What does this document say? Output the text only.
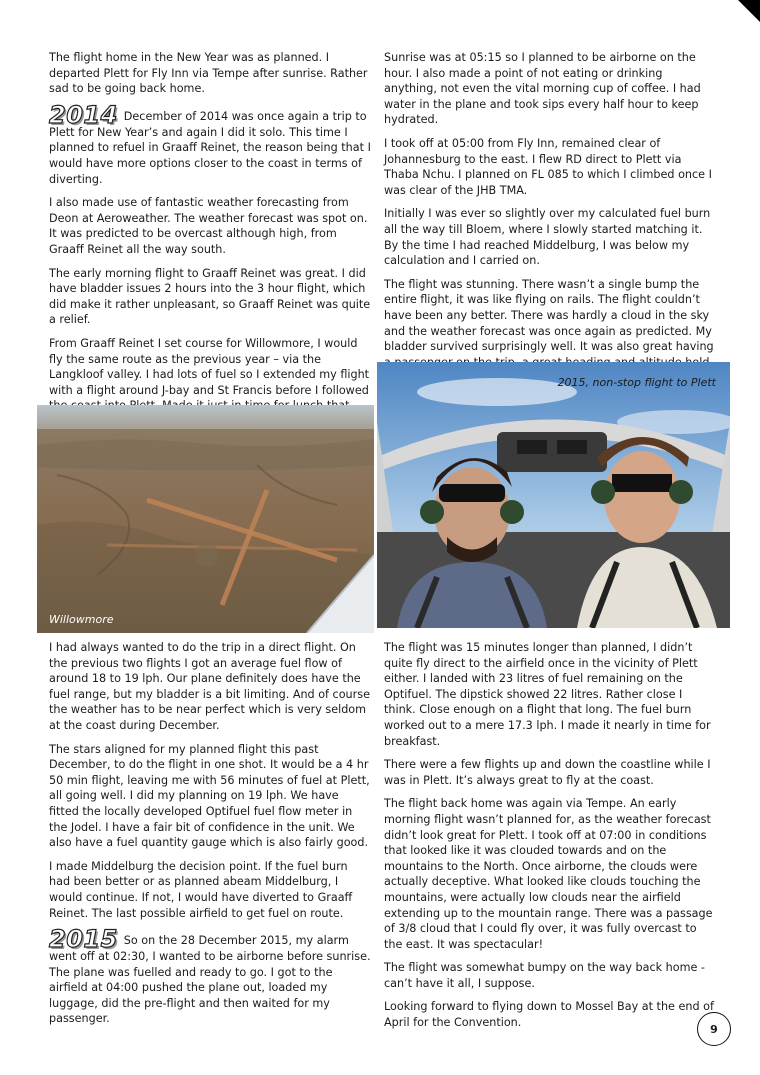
The flight home in the New Year was as planned. I departed Plett for Fly Inn via Tempe after sunrise. Rather sad to be going back home.

2014 December of 2014 was once again a trip to Plett for New Year’s and again I did it solo. This time I planned to refuel in Graaff Reinet, the reason being that I would have more options closer to the coast in terms of diverting.

I also made use of fantastic weather forecasting from Deon at Aeroweather. The weather forecast was spot on. It was predicted to be overcast although high, from Graaff Reinet all the way south.

The early morning flight to Graaff Reinet was great. I did have bladder issues 2 hours into the 3 hour flight, which did make it rather unpleasant, so Graaff Reinet was quite a relief.

From Graaff Reinet I set course for Willowmore, I would fly the same route as the previous year – via the Langkloof valley. I had lots of fuel so I extended my flight with a flight around J-bay and St Francis before I followed

Willowmore

I had always wanted to do the trip in a direct flight. On the previous two flights I got an average fuel flow of around 18 to 19 lph. Our plane definitely does have the fuel range, but my bladder is a bit limiting. And of course the weather has to be near perfect which is very seldom at the coast during December.

The stars aligned for my planned flight this past December, to do the flight in one shot. It would be a 4 hr 50 min flight, leaving me with 56 minutes of fuel at Plett, all going well. I did my planning on 19 lph. We have fitted the locally developed Optifuel fuel flow meter in the Jodel. I have a fair bit of confidence in the unit. We also have a fuel quantity gauge which is also fairly good.

I made Middelburg the decision point. If the fuel burn had been better or as planned abeam Middelburg, I would continue. If not, I would have diverted to Graaff Reinet. The last possible airfield to get fuel on route.

2015 So on the 28 December 2015, my alarm went off at 02:30, I wanted to be airborne before sunrise. The plane was fuelled and ready to go. I got to the airfield at 04:00 pushed the plane out, loaded my luggage, did the pre-flight and then waited for my passenger.

Sunrise was at 05:15 so I planned to be airborne on the hour. I also made a point of not eating or drinking anything, not even the vital morning cup of coffee. I had water in the plane and took sips every half hour to keep hydrated.

I took off at 05:00 from Fly Inn, remained clear of Johannesburg to the east. I flew RD direct to Plett via Thaba Nchu. I planned on FL 085 to which I climbed once I was clear of the JHB TMA.

Initially I was ever so slightly over my calculated fuel burn all the way till Bloem, where I slowly started matching it. By the time I had reached Middelburg, I was below my calculation and I carried on.

The flight was stunning. There wasn’t a single bump the entire flight, it was like flying on rails. The flight couldn’t have been any better. There was hardly a cloud in the sky and the weather forecast was once again as predicted. My bladder survived surprisingly well. It was also great having

2015, non-stop flight to Plett

The flight was 15 minutes longer than planned, I didn’t quite fly direct to the airfield once in the vicinity of Plett either. I landed with 23 litres of fuel remaining on the Optifuel. The dipstick showed 22 litres. Rather close I think. Close enough on a flight that long. The fuel burn worked out to a mere 17.3 lph. I made it nearly in time for breakfast.

There were a few flights up and down the coastline while I was in Plett. It’s always great to fly at the coast.

The flight back home was again via Tempe. An early morning flight wasn’t planned for, as the weather forecast didn’t look great for Plett. I took off at 07:00 in conditions that looked like it was clouded towards and on the mountains to the North. Once airborne, the clouds were actually deceptive. What looked like clouds touching the mountains, were actually low clouds near the airfield extending up to the mountain range. There was a passage of 3/8 cloud that I could fly over, it was fully overcast to the east. It was spectacular!

The flight was somewhat bumpy on the way back home - can’t have it all, I suppose.

Looking forward to flying down to Mossel Bay at the end of April for the Convention.	9
